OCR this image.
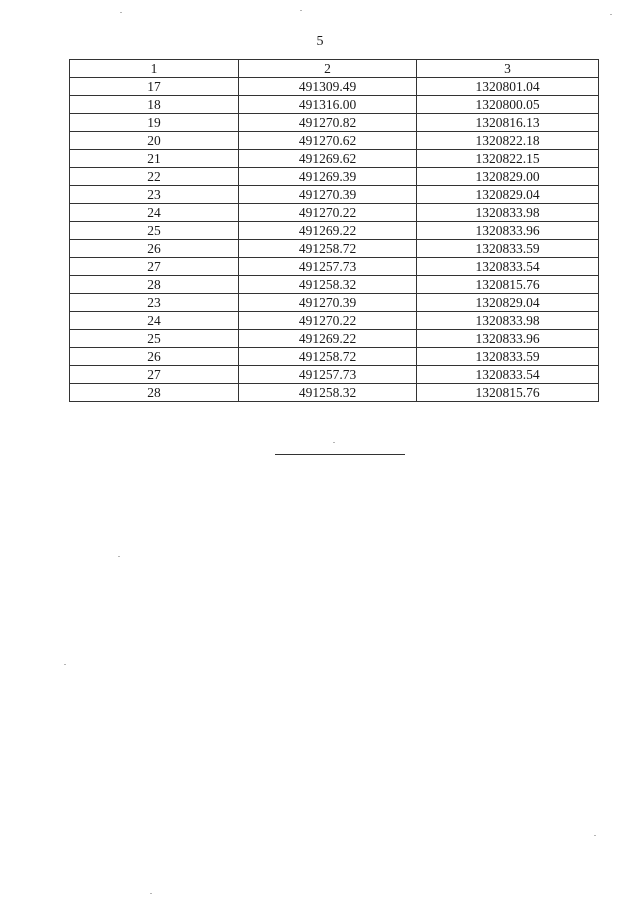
5
1	2	3
17	491309.49	1320801.04
18	491316.00	1320800.05
19	491270.82	1320816.13
20	491270.62	1320822.18
21	491269.62	1320822.15
22	491269.39	1320829.00
23	491270.39	1320829.04
24	491270.22	1320833.98
25	491269.22	1320833.96
26	491258.72	1320833.59
27	491257.73	1320833.54
28	491258.32	1320815.76
23	491270.39	1320829.04
24	491270.22	1320833.98
25	491269.22	1320833.96
26	491258.72	1320833.59
27	491257.73	1320833.54
28	491258.32	1320815.76
